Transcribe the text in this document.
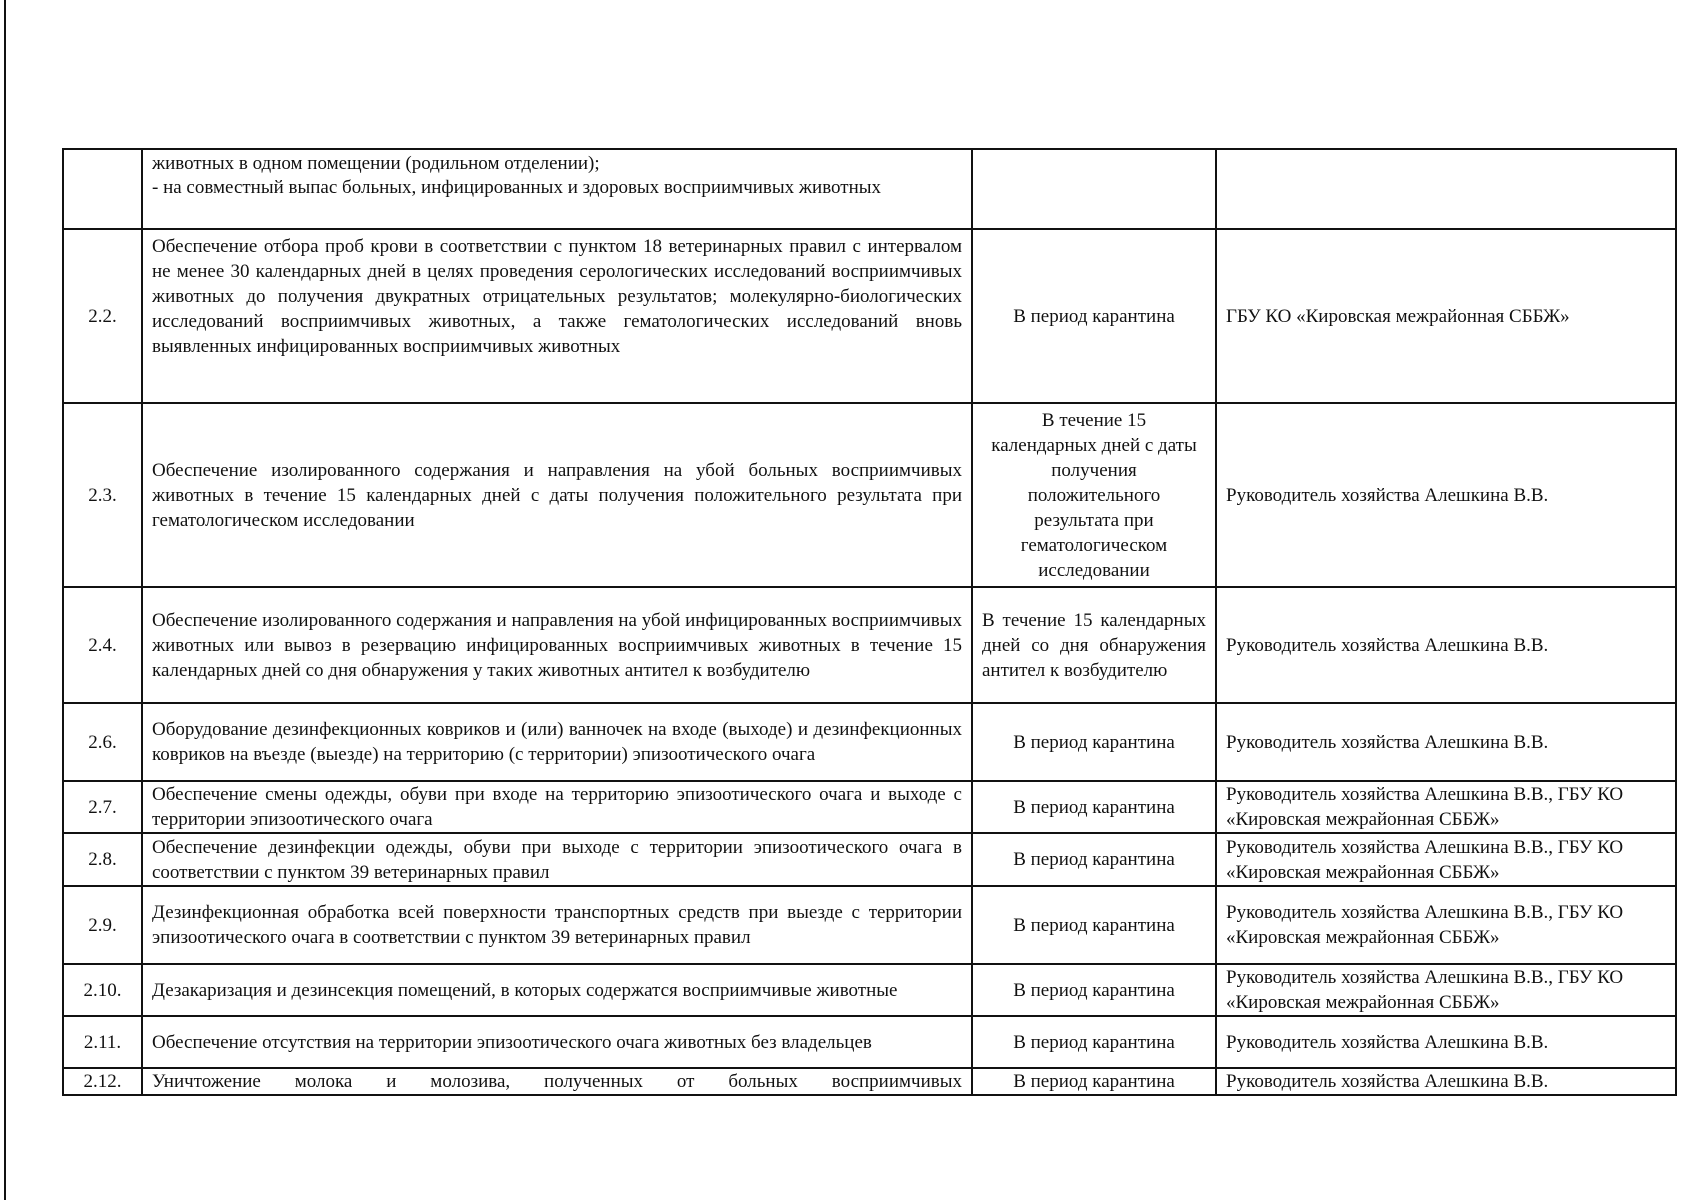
	животных в одном помещении (родильном отделении);
- на совместный выпас больных, инфицированных и здоровых восприимчивых животных		
2.2.	Обеспечение отбора проб крови в соответствии с пунктом 18 ветеринарных правил с интервалом не менее 30 календарных дней в целях проведения серологических исследований восприимчивых животных до получения двукратных отрицательных результатов; молекулярно-биологических исследований восприимчивых животных, а также гематологических исследований вновь выявленных инфицированных восприимчивых животных	В период карантина	ГБУ КО «Кировская межрайонная СББЖ»
2.3.	Обеспечение изолированного содержания и направления на убой больных восприимчивых животных в течение 15 календарных дней с даты получения положительного результата при гематологическом исследовании	В течение 15 календарных дней с даты получения положительного результата при гематологическом исследовании	Руководитель хозяйства Алешкина В.В.
2.4.	Обеспечение изолированного содержания и направления на убой инфицированных восприимчивых животных или вывоз в резервацию инфицированных восприимчивых животных в течение 15 календарных дней со дня обнаружения у таких животных антител к возбудителю	В течение 15 календарных дней со дня обнаружения антител к возбудителю	Руководитель хозяйства Алешкина В.В.
2.6.	Оборудование дезинфекционных ковриков и (или) ванночек на входе (выходе) и дезинфекционных ковриков на въезде (выезде) на территорию (с территории) эпизоотического очага	В период карантина	Руководитель хозяйства Алешкина В.В.
2.7.	Обеспечение смены одежды, обуви при входе на территорию эпизоотического очага и выходе с территории эпизоотического очага	В период карантина	Руководитель хозяйства Алешкина В.В., ГБУ КО «Кировская межрайонная СББЖ»
2.8.	Обеспечение дезинфекции одежды, обуви при выходе с территории эпизоотического очага в соответствии с пунктом 39 ветеринарных правил	В период карантина	Руководитель хозяйства Алешкина В.В., ГБУ КО «Кировская межрайонная СББЖ»
2.9.	Дезинфекционная обработка всей поверхности транспортных средств при выезде с территории эпизоотического очага в соответствии с пунктом 39 ветеринарных правил	В период карантина	Руководитель хозяйства Алешкина В.В., ГБУ КО «Кировская межрайонная СББЖ»
2.10.	Дезакаризация и дезинсекция помещений, в которых содержатся восприимчивые животные	В период карантина	Руководитель хозяйства Алешкина В.В., ГБУ КО «Кировская межрайонная СББЖ»
2.11.	Обеспечение отсутствия на территории эпизоотического очага животных без владельцев	В период карантина	Руководитель хозяйства Алешкина В.В.
2.12.	Уничтожение молока и молозива, полученных от больных восприимчивых	В период карантина	Руководитель хозяйства Алешкина В.В.
